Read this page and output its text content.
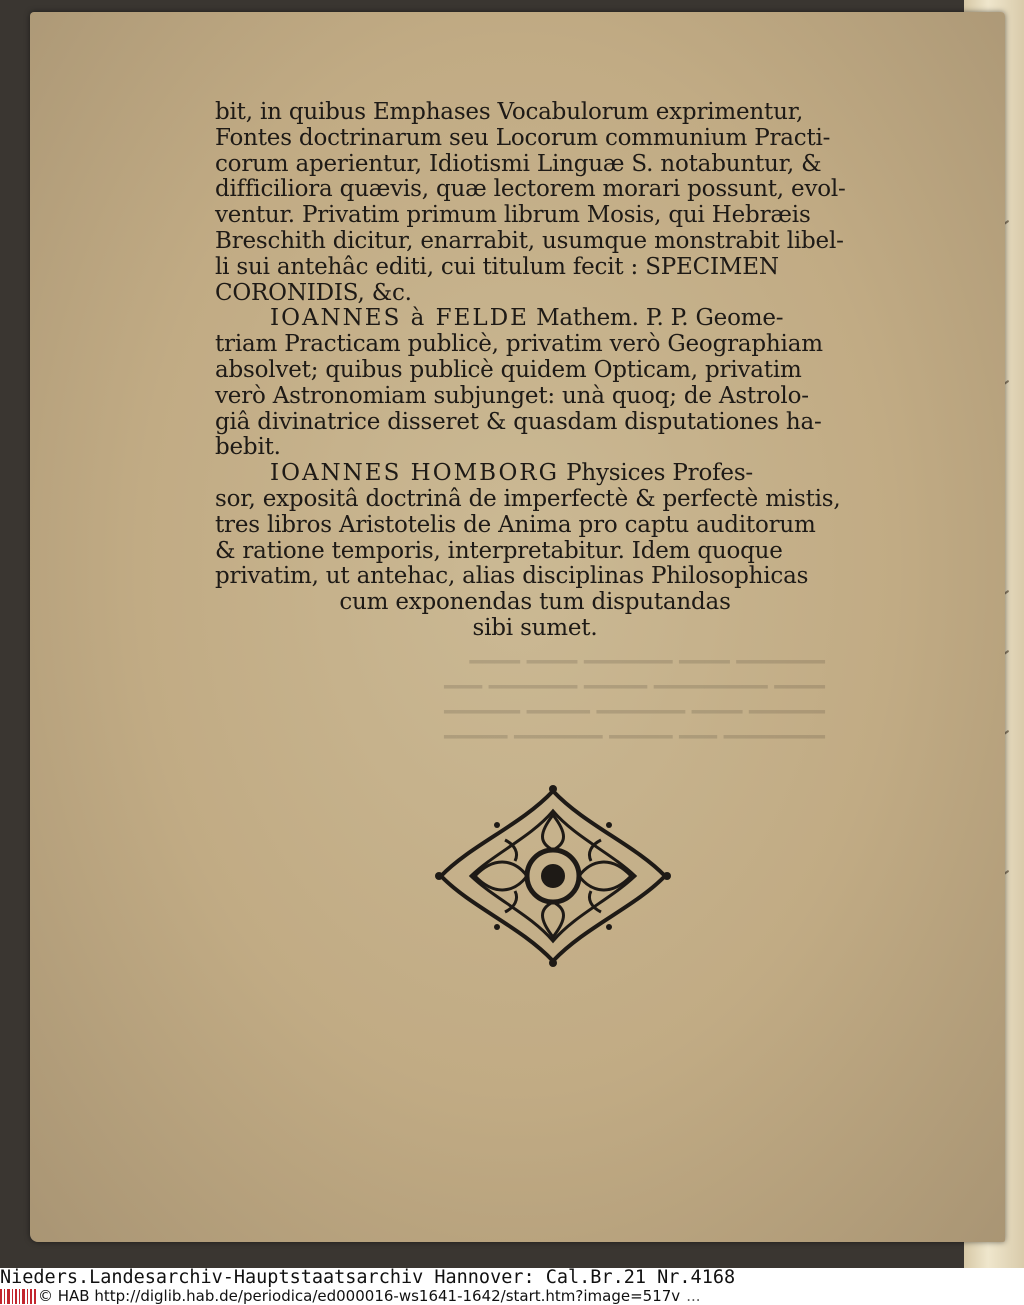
━━━━━━━ ━━━━ ━━━━━━━ ━━━━ ━━━━
━━━━ ━━━━━━━━━ ━━━━━ ━━━━━━━ ━━━
━━━━━━ ━━━━ ━━━━━━━ ━━━━━ ━━━━━━
━━━━━━━━ ━━━ ━━━━━ ━━━━━━━ ━━━━━
bit, in quibus Emphases Vocabulorum exprimentur,
Fontes doctrinarum seu Locorum communium Practi-
corum aperientur, Idiotismi Linguæ S. notabuntur, &
difficiliora quævis, quæ lectorem morari possunt, evol-
ventur. Privatim primum librum Mosis, qui Hebræis
Breschith dicitur, enarrabit, usumque monstrabit libel-
li sui antehâc editi, cui titulum fecit : SPECIMEN
CORONIDIS, &c.
IOANNES à FELDE Mathem. P. P. Geome-
triam Practicam publicè, privatim verò Geographiam
absolvet; quibus publicè quidem Opticam, privatim
verò Astronomiam subjunget: unà quoq; de Astrolo-
giâ divinatrice disseret & quasdam disputationes ha-
bebit.
IOANNES HOMBORG Physices Profes-
sor, expositâ doctrinâ de imperfectè & perfectè mistis,
tres libros Aristotelis de Anima pro captu auditorum
& ratione temporis, interpretabitur. Idem quoque
privatim, ut antehac, alias disciplinas Philosophicas
cum exponendas tum disputandas
sibi sumet.
Nieders.Landesarchiv-Hauptstaatsarchiv Hannover: Cal.Br.21 Nr.4168
© HAB http://diglib.hab.de/periodica/ed000016-ws1641-1642/start.htm?image=517v ...
